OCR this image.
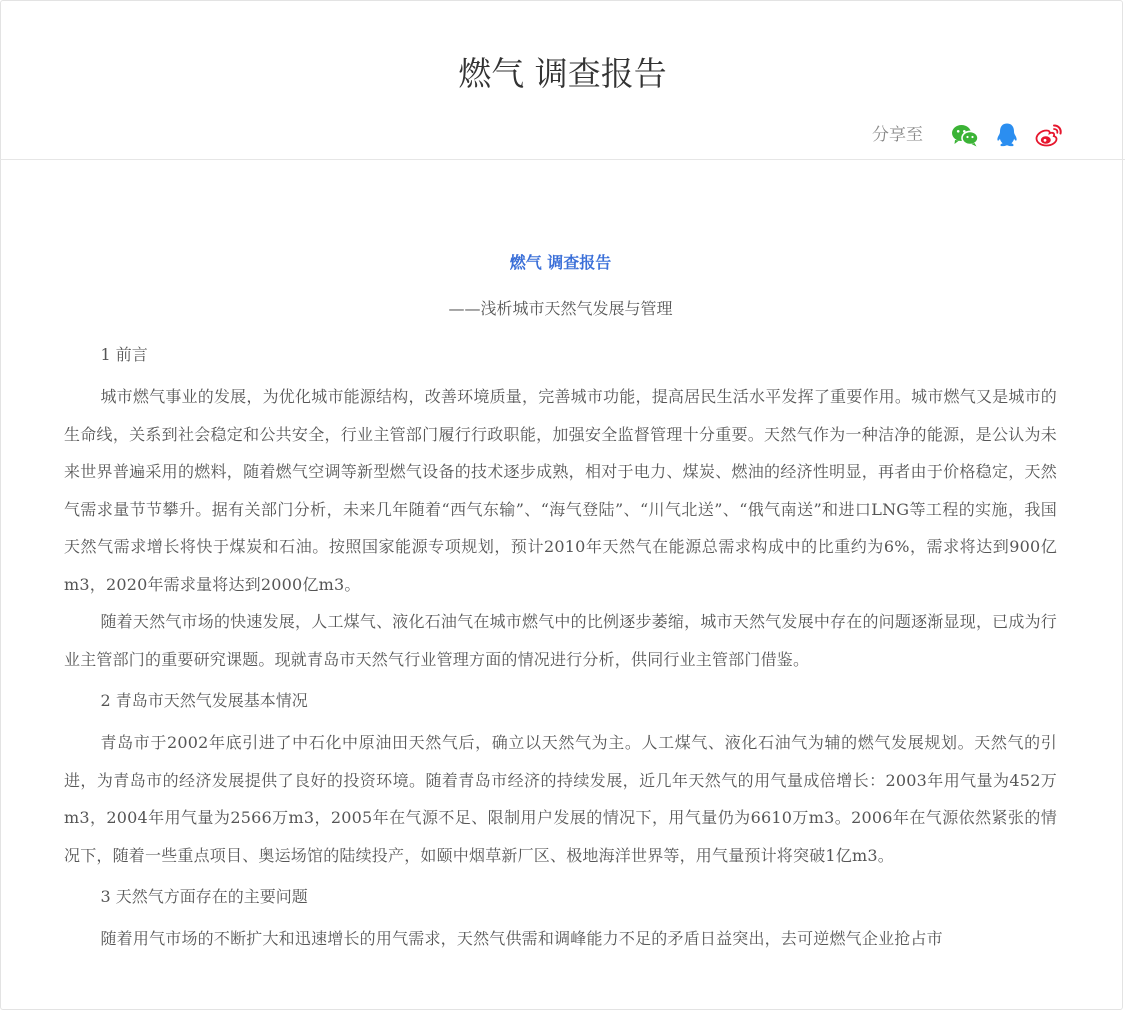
燃气 调查报告
分享至

燃气 调查报告

——浅析城市天然气发展与管理

1 前言

城市燃气事业的发展，为优化城市能源结构，改善环境质量，完善城市功能，提高居民生活水平发挥了重要作用。城市燃气又是城市的生命线，关系到社会稳定和公共安全，行业主管部门履行行政职能，加强安全监督管理十分重要。天然气作为一种洁净的能源，是公认为未来世界普遍采用的燃料，随着燃气空调等新型燃气设备的技术逐步成熟，相对于电力、煤炭、燃油的经济性明显，再者由于价格稳定，天然气需求量节节攀升。据有关部门分析，未来几年随着“西气东输”、“海气登陆”、“川气北送”、“俄气南送”和进口LNG等工程的实施，我国天然气需求增长将快于煤炭和石油。按照国家能源专项规划，预计2010年天然气在能源总需求构成中的比重约为6%，需求将达到900亿m3，2020年需求量将达到2000亿m3。

随着天然气市场的快速发展，人工煤气、液化石油气在城市燃气中的比例逐步萎缩，城市天然气发展中存在的问题逐渐显现，已成为行业主管部门的重要研究课题。现就青岛市天然气行业管理方面的情况进行分析，供同行业主管部门借鉴。

2 青岛市天然气发展基本情况

青岛市于2002年底引进了中石化中原油田天然气后，确立以天然气为主。人工煤气、液化石油气为辅的燃气发展规划。天然气的引进，为青岛市的经济发展提供了良好的投资环境。随着青岛市经济的持续发展，近几年天然气的用气量成倍增长：2003年用气量为452万m3，2004年用气量为2566万m3，2005年在气源不足、限制用户发展的情况下，用气量仍为6610万m3。2006年在气源依然紧张的情况下，随着一些重点项目、奥运场馆的陆续投产，如颐中烟草新厂区、极地海洋世界等，用气量预计将突破1亿m3。

3 天然气方面存在的主要问题

随着用气市场的不断扩大和迅速增长的用气需求，天然气供需和调峰能力不足的矛盾日益突出，去可逆燃气企业抢占市
